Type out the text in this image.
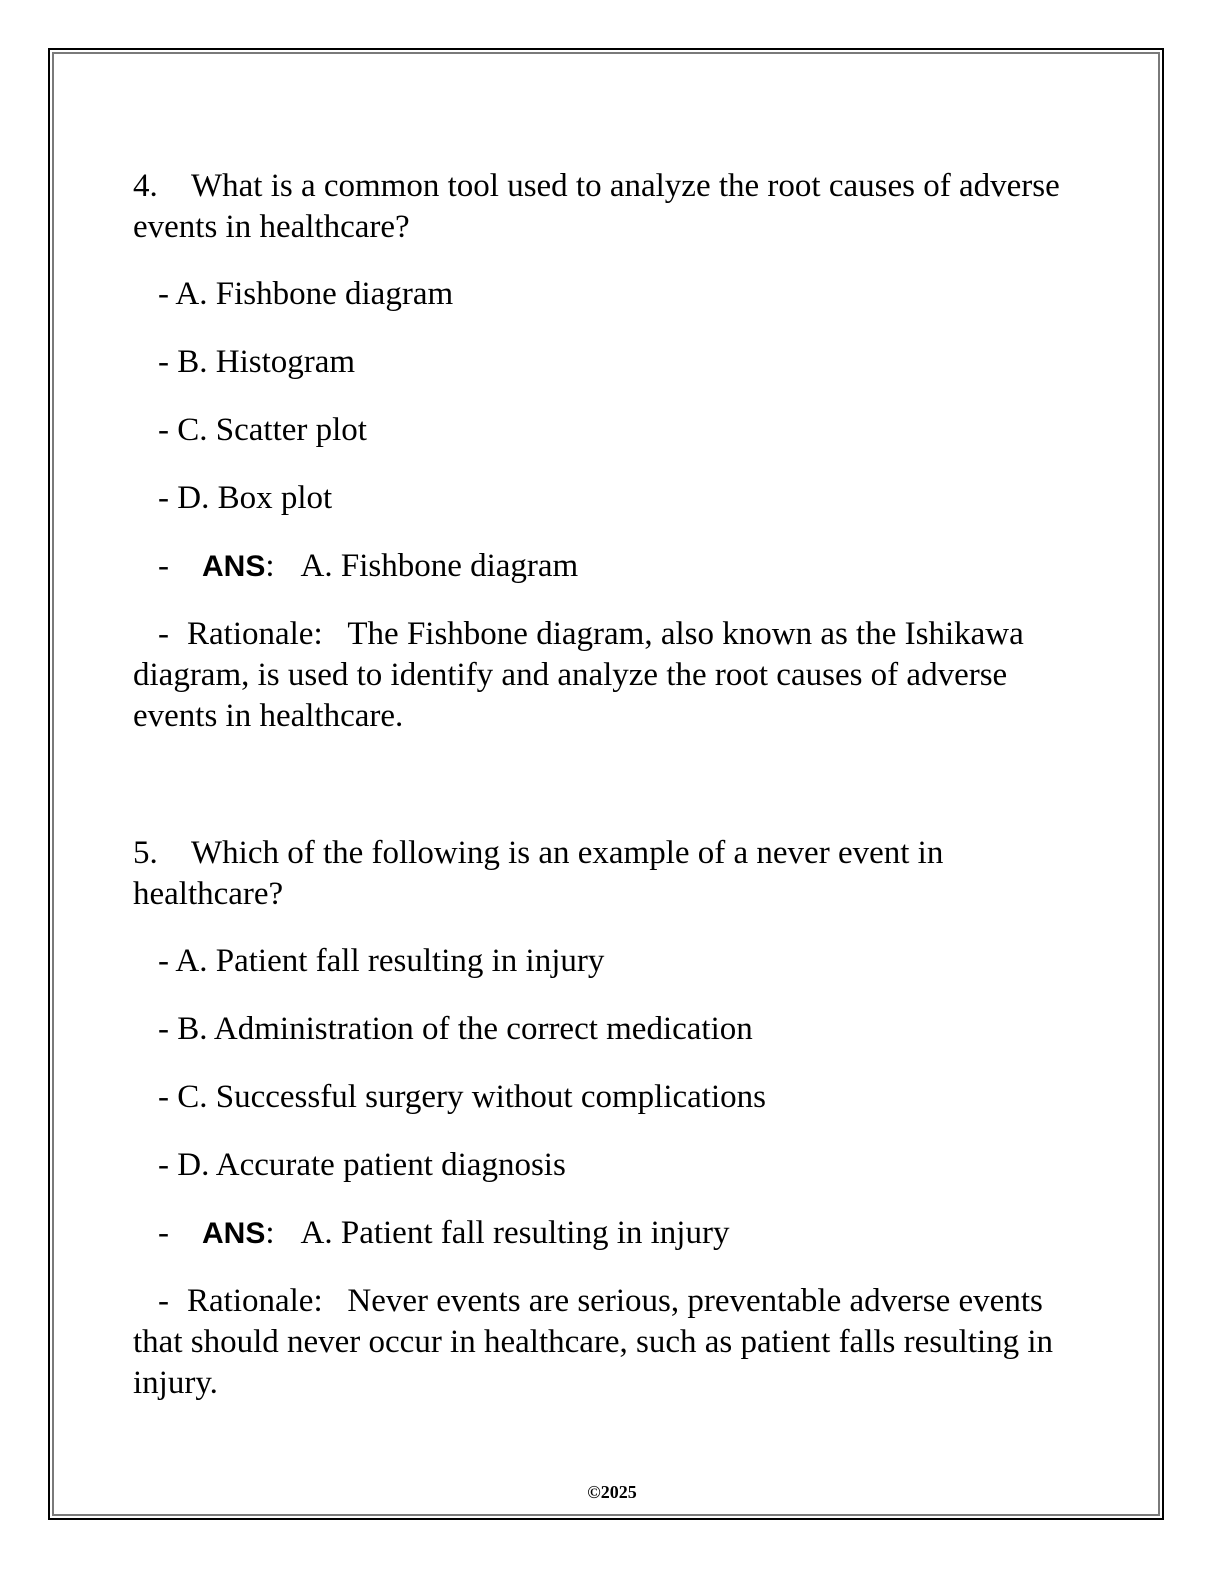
4. What is a common tool used to analyze the root causes of adverse events in healthcare?

- A. Fishbone diagram

- B. Histogram

- C. Scatter plot

- D. Box plot

- ANS: A. Fishbone diagram

- Rationale: The Fishbone diagram, also known as the Ishikawa diagram, is used to identify and analyze the root causes of adverse events in healthcare.

5. Which of the following is an example of a never event in healthcare?

- A. Patient fall resulting in injury

- B. Administration of the correct medication

- C. Successful surgery without complications

- D. Accurate patient diagnosis

- ANS: A. Patient fall resulting in injury

- Rationale: Never events are serious, preventable adverse events that should never occur in healthcare, such as patient falls resulting in injury.

©2025
